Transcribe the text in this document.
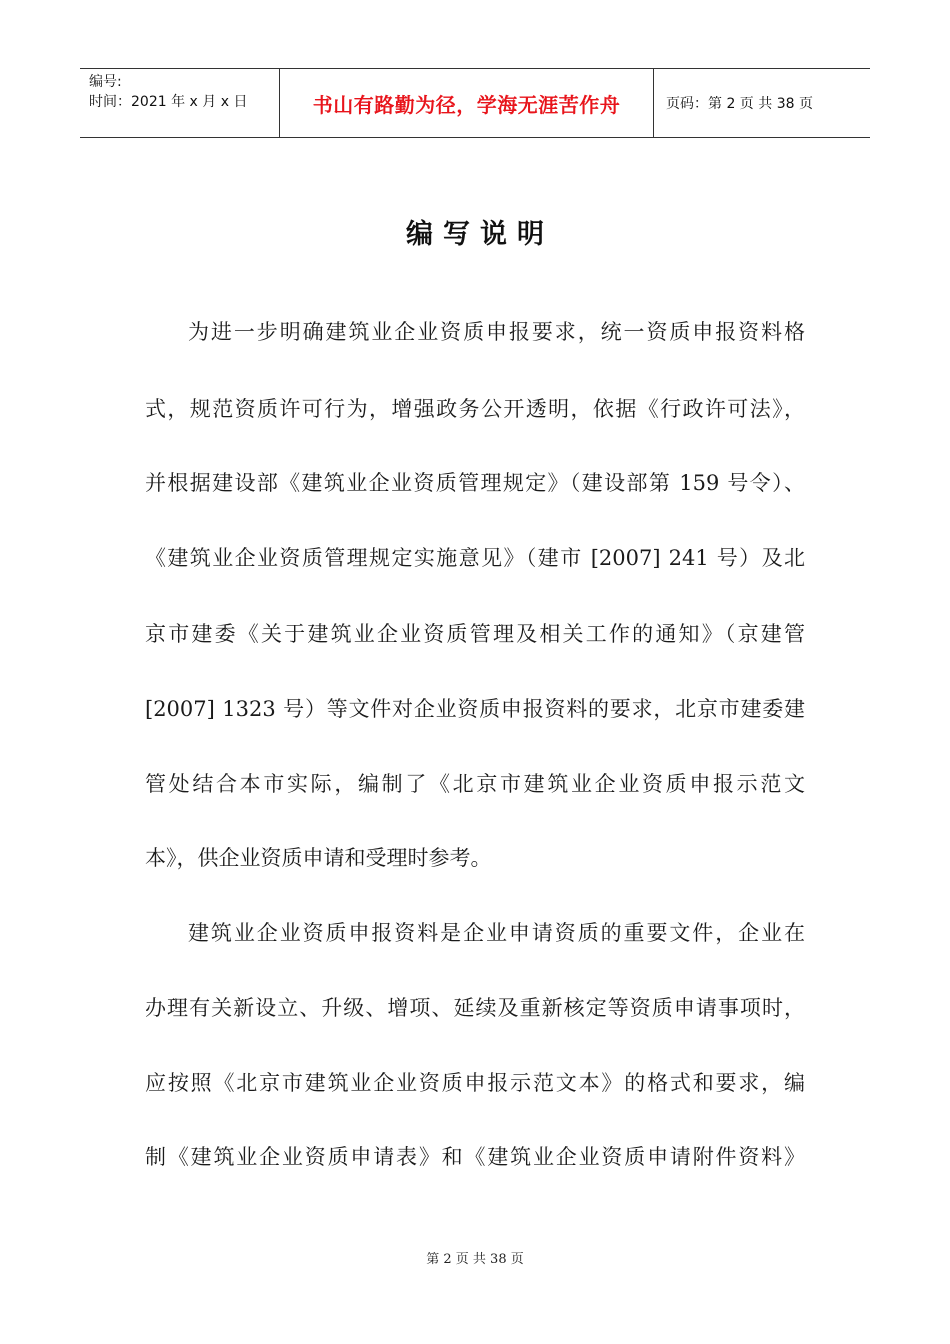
编号:
时间：2021 年 x 月 x 日	书山有路勤为径，学海无涯苦作舟	页码：第 2 页 共 38 页
编写说明
为进一步明确建筑业企业资质申报要求，统一资质申报资料格
式，规范资质许可行为，增强政务公开透明，依据《行政许可法》，
并根据建设部《建筑业企业资质管理规定》（建设部第 159 号令）、
《建筑业企业资质管理规定实施意见》（建市 [2007] 241 号）及北
京市建委《关于建筑业企业资质管理及相关工作的通知》（京建管
[2007] 1323 号）等文件对企业资质申报资料的要求，北京市建委建
管处结合本市实际，编制了《北京市建筑业企业资质申报示范文
本》，供企业资质申请和受理时参考。
建筑业企业资质申报资料是企业申请资质的重要文件，企业在
办理有关新设立、升级、增项、延续及重新核定等资质申请事项时，
应按照《北京市建筑业企业资质申报示范文本》的格式和要求，编
制《建筑业企业资质申请表》和《建筑业企业资质申请附件资料》
第 2 页 共 38 页
